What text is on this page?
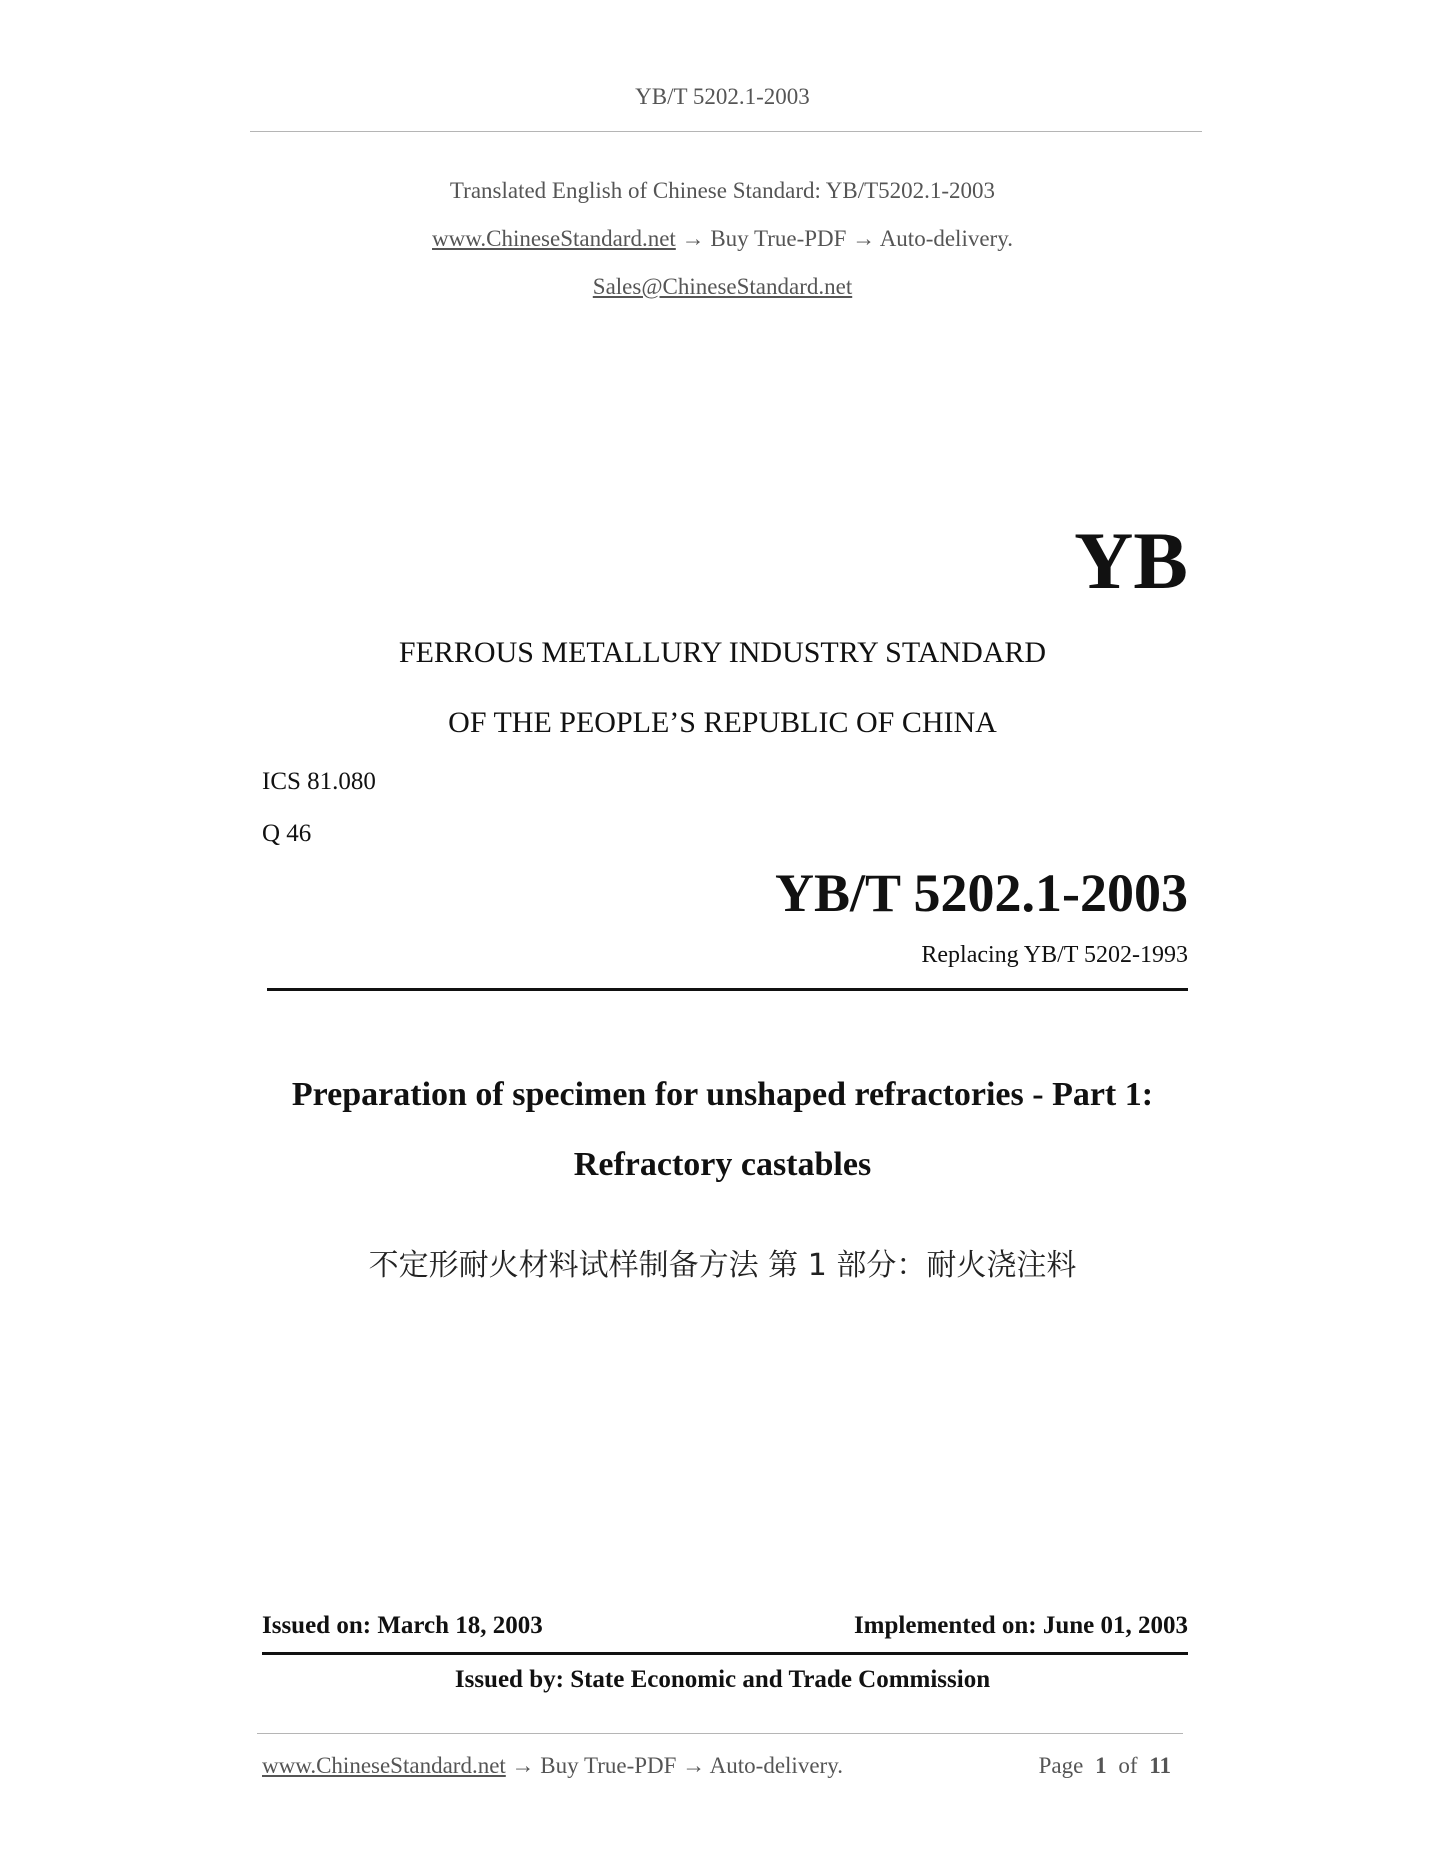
YB/T 5202.1-2003
Translated English of Chinese Standard: YB/T5202.1-2003
www.ChineseStandard.net → Buy True-PDF → Auto-delivery.
Sales@ChineseStandard.net
YB
FERROUS METALLURY INDUSTRY STANDARD
OF THE PEOPLE’S REPUBLIC OF CHINA
ICS 81.080
Q 46
YB/T 5202.1-2003
Replacing YB/T 5202-1993
Preparation of specimen for unshaped refractories - Part 1:
Refractory castables
不定形耐火材料试样制备方法 第 1 部分：耐火浇注料
Issued on: March 18, 2003	Implemented on: June 01, 2003
Issued by: State Economic and Trade Commission
www.ChineseStandard.net → Buy True-PDF → Auto-delivery.	Page 1 of 11
